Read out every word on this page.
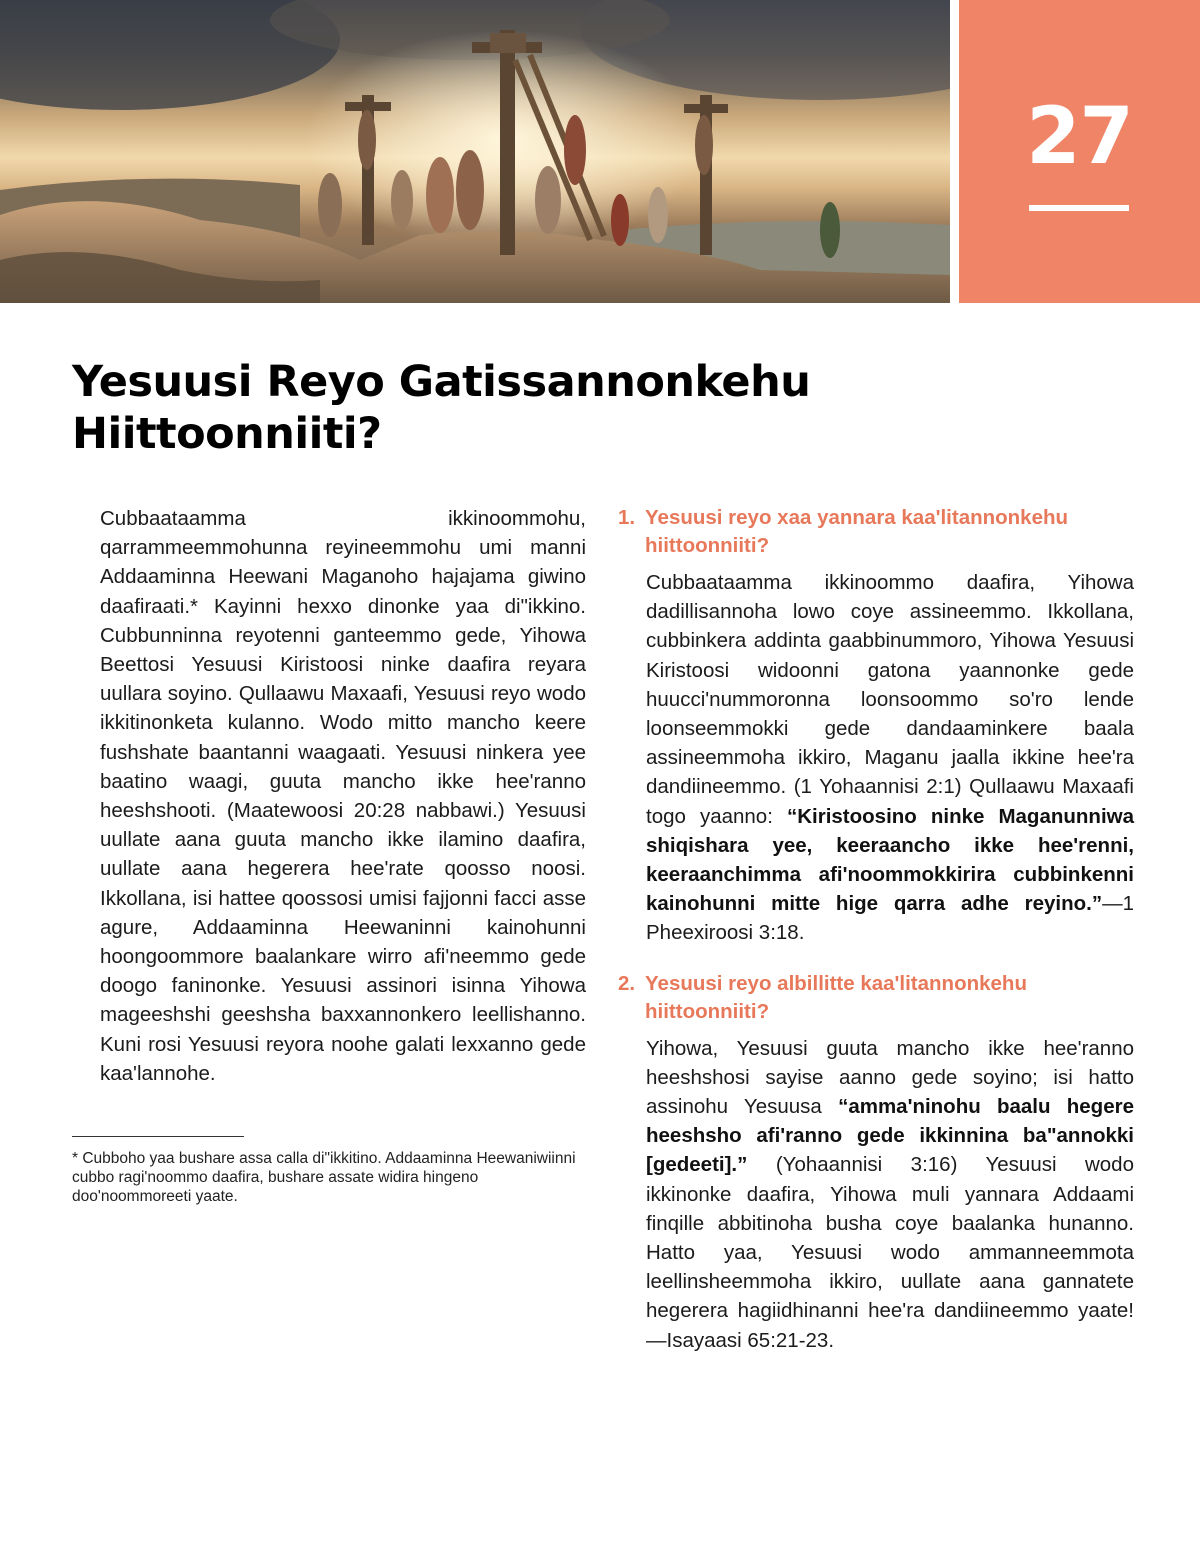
27
Yesuusi Reyo Gatissannonkehu
Hiittoonniiti?

Cubbaataamma ikkinoommohu, qarrammeemmohunna reyineemmohu umi manni Addaaminna Heewani Maganoho hajajama giwino daafiraati.* Kayinni hexxo dinonke yaa di"ikkino. Cubbunninna reyotenni ganteemmo gede, Yihowa Beettosi Yesuusi Kiristoosi ninke daafira reyara uullara soyino. Qullaawu Maxaafi, Yesuusi reyo wodo ikkitinonketa kulanno. Wodo mitto mancho keere fushshate baantanni waagaati. Yesuusi ninkera yee baatino waagi, guuta mancho ikke hee'ranno heeshshooti. (Maatewoosi 20:28 nabbawi.) Yesuusi uullate aana guuta mancho ikke ilamino daafira, uullate aana hegerera hee'rate qoosso noosi. Ikkollana, isi hattee qoossosi umisi fajjonni facci asse agure, Addaaminna Heewaninni kainohunni hoongoommore baalankare wirro afi'neemmo gede doogo faninonke. Yesuusi assinori isinna Yihowa mageeshshi geeshsha baxxannonkero leellishanno. Kuni rosi Yesuusi reyora noohe galati lexxanno gede kaa'lannohe.

* Cubboho yaa bushare assa calla di"ikkitino. Addaaminna Heewaniwiinni cubbo ragi'noommo daafira, bushare assate widira hingeno doo'noommoreeti yaate.

1. Yesuusi reyo xaa yannara kaa'litannonkehu hiittoonniiti?

Cubbaataamma ikkinoommo daafira, Yihowa dadillisannoha lowo coye assineemmo. Ikkollana, cubbinkera addinta gaabbinummoro, Yihowa Yesuusi Kiristoosi widoonni gatona yaannonke gede huucci'nummoronna loonsoommo so'ro lende loonseemmokki gede dandaaminkere baala assineemmoha ikkiro, Maganu jaalla ikkine hee'ra dandiineemmo. (1 Yohaannisi 2:1) Qullaawu Maxaafi togo yaanno: “Kiristoosino ninke Maganunniwa shiqishara yee, keeraancho ikke hee'renni, keeraanchimma afi'noommokkirira cubbinkenni kainohunni mitte hige qarra adhe reyino.”—1 Pheexiroosi 3:18.

2. Yesuusi reyo albillitte kaa'litannonkehu hiittoonniiti?

Yihowa, Yesuusi guuta mancho ikke hee'ranno heeshshosi sayise aanno gede soyino; isi hatto assinohu Yesuusa “amma'ninohu baalu hegere heeshsho afi'ranno gede ikkinnina ba"annokki [gedeeti].” (Yohaannisi 3:16) Yesuusi wodo ikkinonke daafira, Yihowa muli yannara Addaami finqille abbitinoha busha coye baalanka hunanno. Hatto yaa, Yesuusi wodo ammanneemmota leellinsheemmoha ikkiro, uullate aana gannatete hegerera hagiidhinanni hee'ra dandiineemmo yaate!—Isayaasi 65:21-23.
